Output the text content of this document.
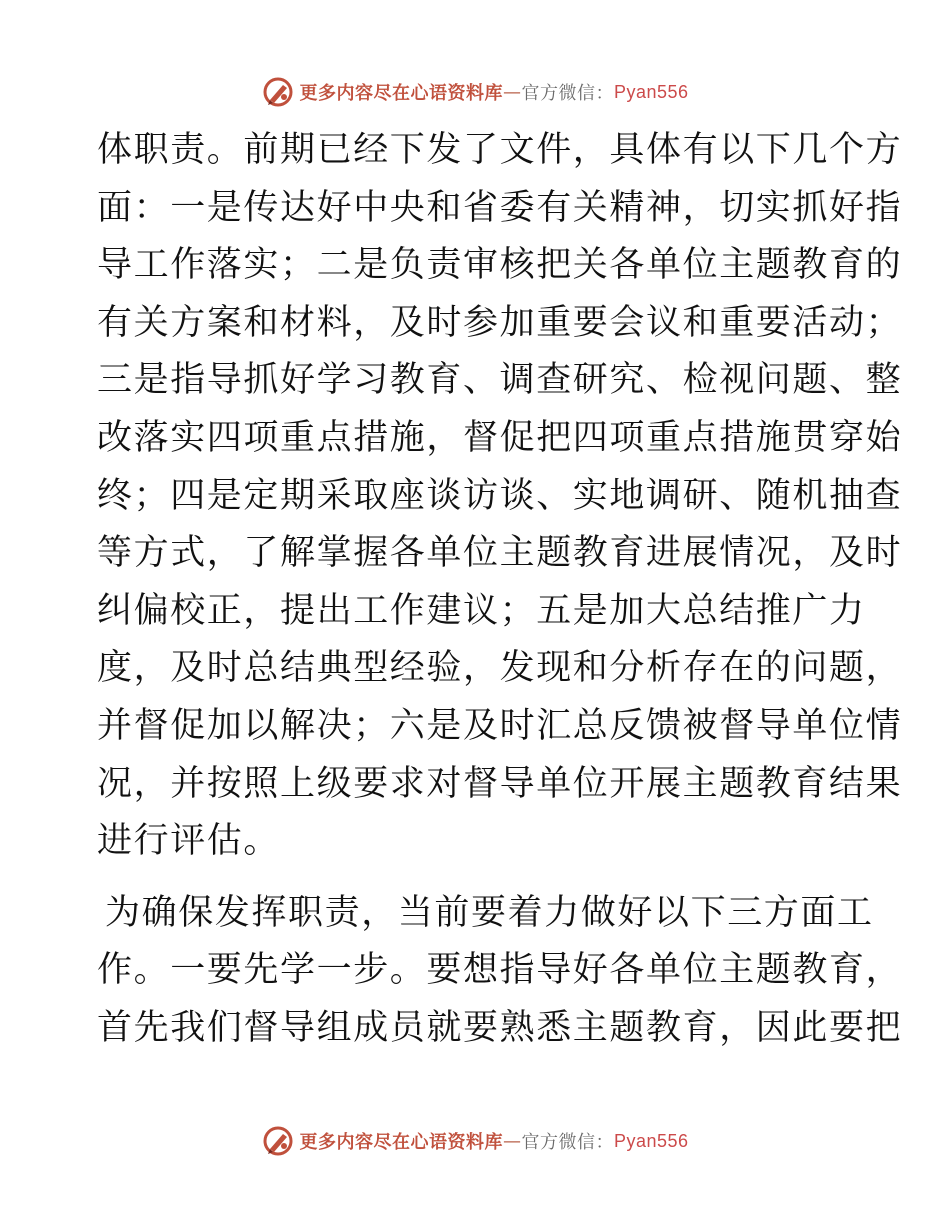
更多内容尽在心语资料库 — 官方微信： Pyan556
体职责。前期已经下发了文件，具体有以下几个方
面：一是传达好中央和省委有关精神，切实抓好指
导工作落实；二是负责审核把关各单位主题教育的
有关方案和材料，及时参加重要会议和重要活动；
三是指导抓好学习教育、调查研究、检视问题、整
改落实四项重点措施，督促把四项重点措施贯穿始
终；四是定期采取座谈访谈、实地调研、随机抽查
等方式，了解掌握各单位主题教育进展情况，及时
纠偏校正，提出工作建议；五是加大总结推广力
度，及时总结典型经验，发现和分析存在的问题，
并督促加以解决；六是及时汇总反馈被督导单位情
况，并按照上级要求对督导单位开展主题教育结果
进行评估。
为确保发挥职责，当前要着力做好以下三方面工
作。一要先学一步。要想指导好各单位主题教育，
首先我们督导组成员就要熟悉主题教育，因此要把
更多内容尽在心语资料库 — 官方微信： Pyan556
